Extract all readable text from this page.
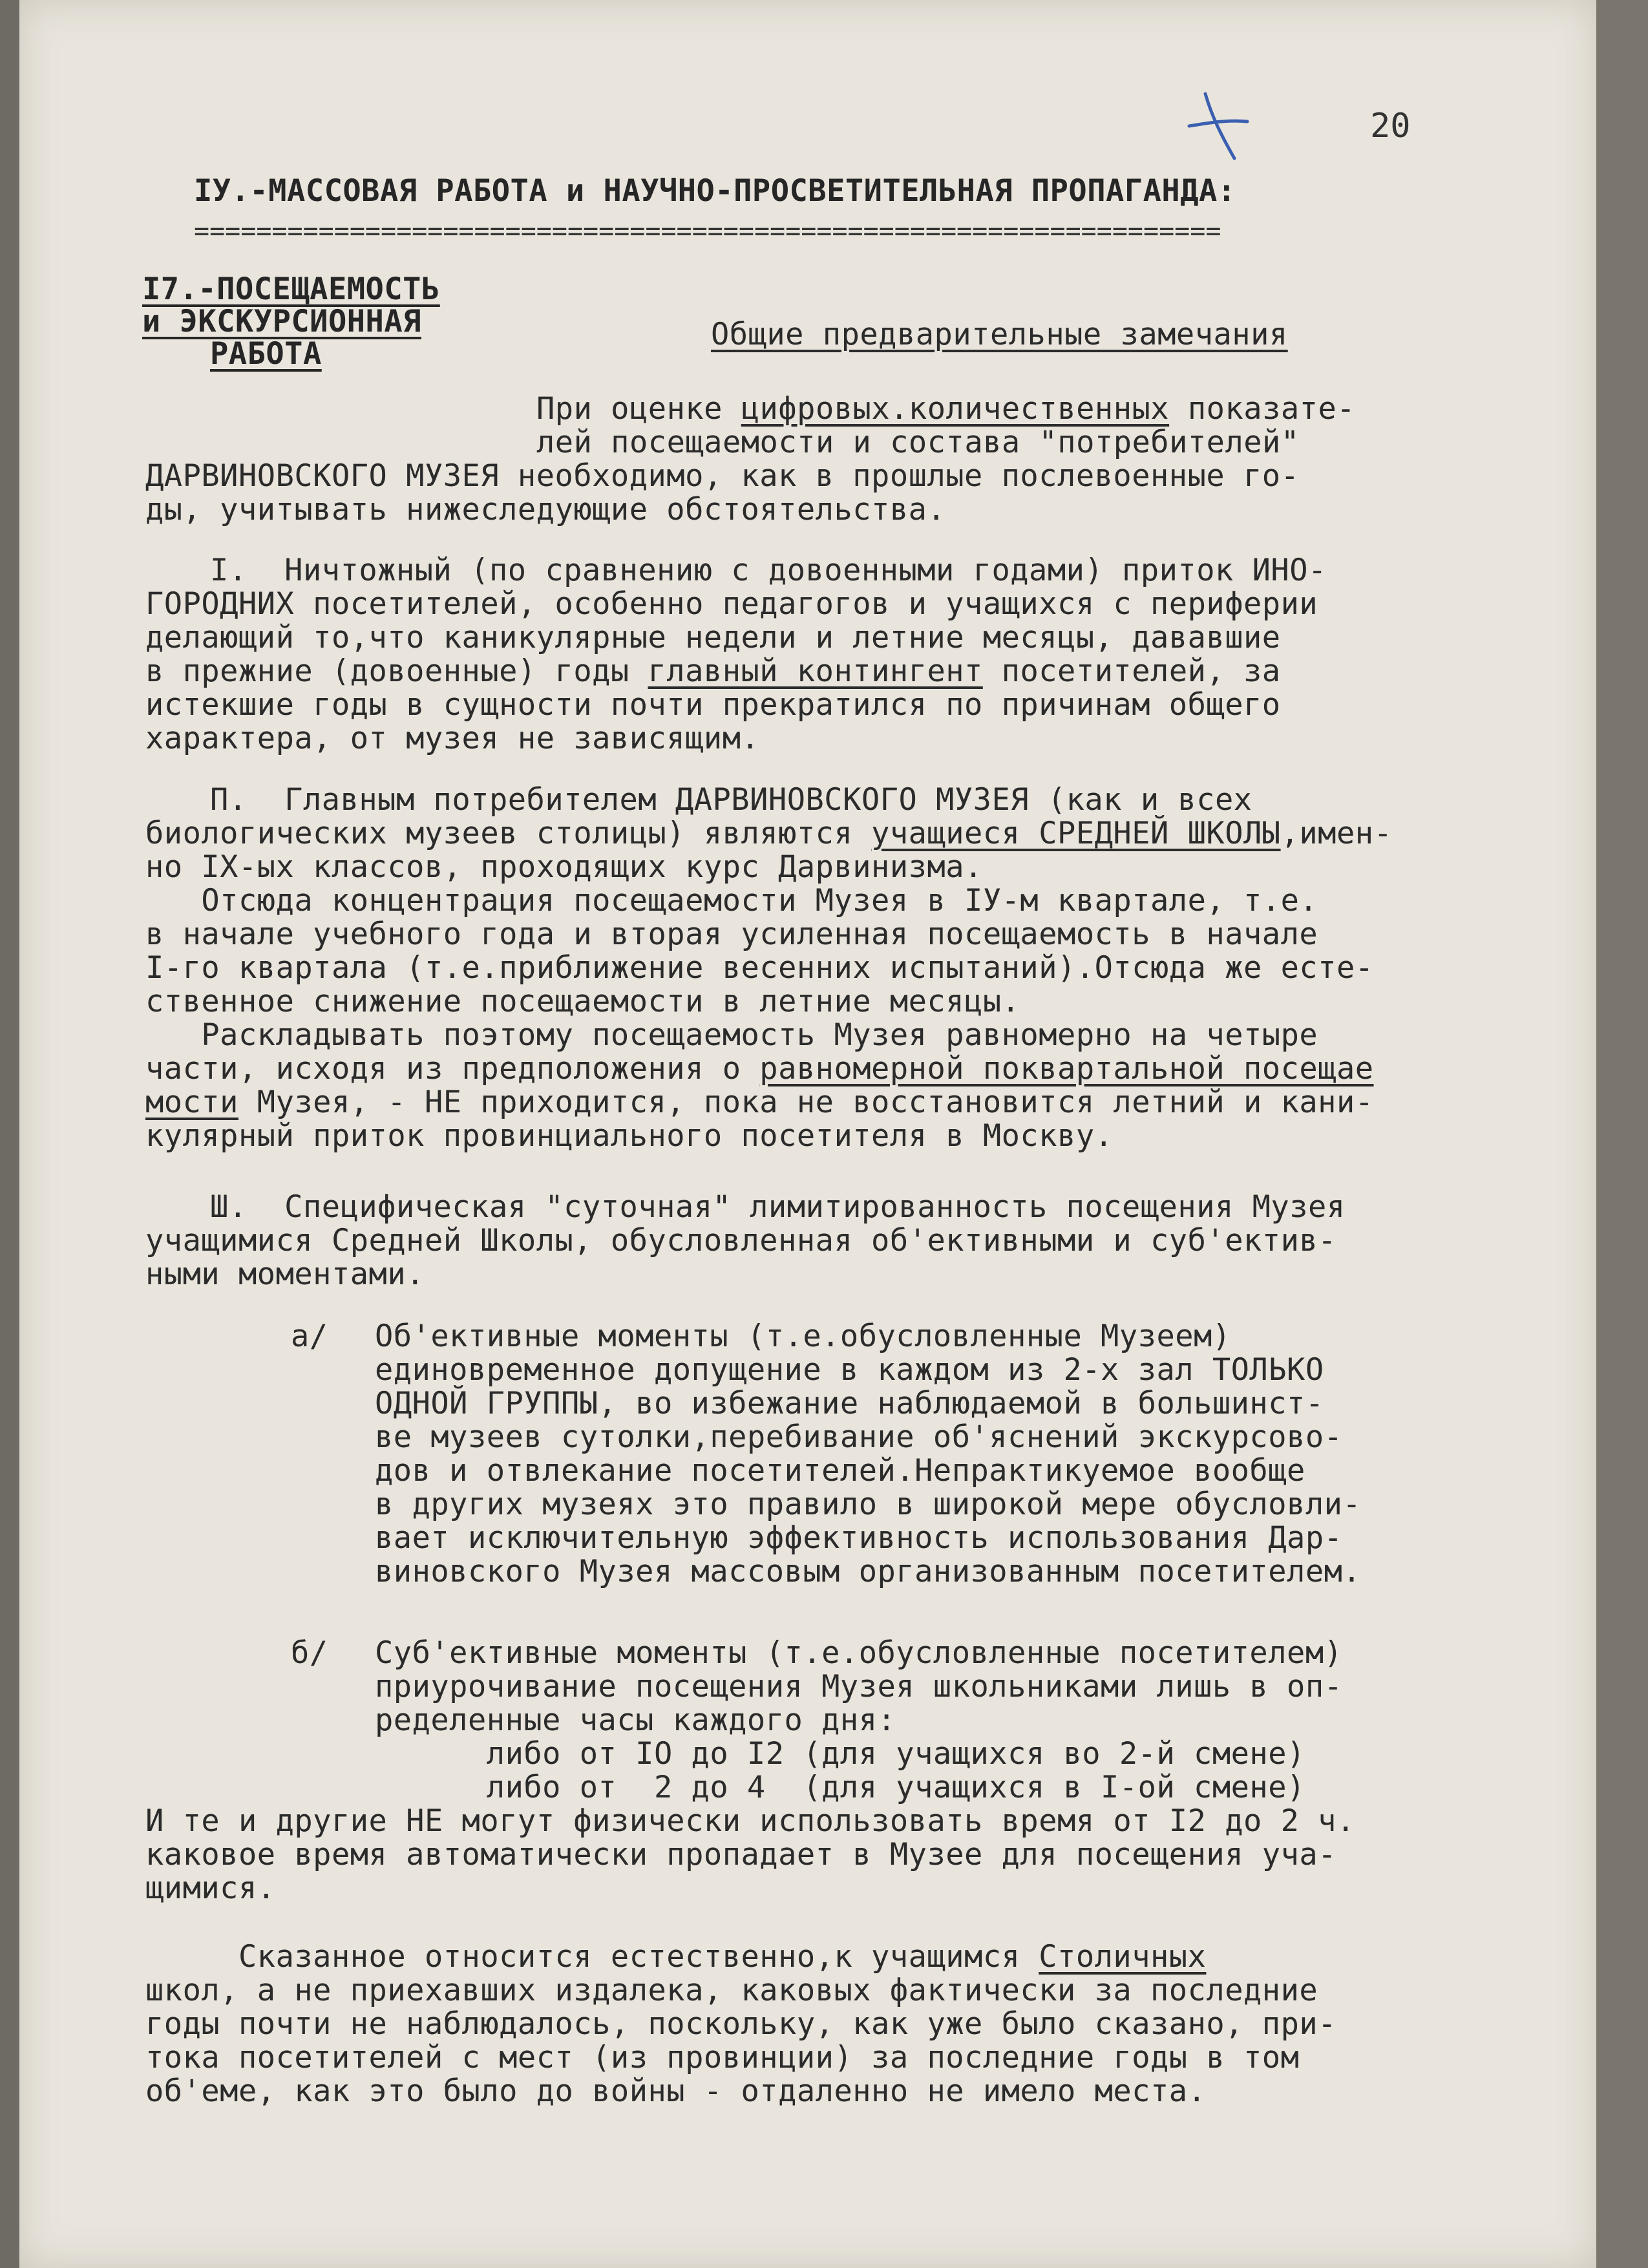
20
IУ.-МАССОВАЯ РАБОТА и НАУЧНО-ПРОСВЕТИТЕЛЬНАЯ ПРОПАГАНДА:
==================================================================
I7.-ПОСЕЩАЕМОСТЬ
и ЭКСКУРСИОННАЯ
РАБОТА
Общие предварительные замечания
При оценке цифровых.количественных показате-
лей посещаемости и состава "потребителей"
ДАРВИНОВСКОГО МУЗЕЯ необходимо, как в прошлые послевоенные го-
ды, учитывать нижеследующие обстоятельства.
I.  Ничтожный (по сравнению с довоенными годами) приток ИНО-
ГОРОДНИХ посетителей, особенно педагогов и учащихся с периферии
делающий то,что каникулярные недели и летние месяцы, дававшие
в прежние (довоенные) годы главный контингент посетителей, за
истекшие годы в сущности почти прекратился по причинам общего
характера, от музея не зависящим.
П.  Главным потребителем ДАРВИНОВСКОГО МУЗЕЯ (как и всех
биологических музеев столицы) являются учащиеся СРЕДНЕЙ ШКОЛЫ,имен-
но IX-ых классов, проходящих курс Дарвинизма.
Отсюда концентрация посещаемости Музея в IУ-м квартале, т.е.
в начале учебного года и вторая усиленная посещаемость в начале
I-го квартала (т.е.приближение весенних испытаний).Отсюда же есте-
ственное снижение посещаемости в летние месяцы.
Раскладывать поэтому посещаемость Музея равномерно на четыре
части, исходя из предположения о равномерной поквартальной посещае
мости Музея, - НЕ приходится, пока не восстановится летний и кани-
кулярный приток провинциального посетителя в Москву.
Ш.  Специфическая "суточная" лимитированность посещения Музея
учащимися Средней Школы, обусловленная об'ективными и суб'ектив-
ными моментами.
а/ Об'ективные моменты (т.е.обусловленные Музеем)
единовременное допущение в каждом из 2-х зал ТОЛЬКО
ОДНОЙ ГРУППЫ, во избежание наблюдаемой в большинст-
ве музеев сутолки,перебивание об'яснений экскурсово-
дов и отвлекание посетителей.Непрактикуемое вообще
в других музеях это правило в широкой мере обусловли-
вает исключительную эффективность использования Дар-
виновского Музея массовым организованным посетителем.
б/ Суб'ективные моменты (т.е.обусловленные посетителем)
приурочивание посещения Музея школьниками лишь в оп-
ределенные часы каждого дня:
либо от IO до I2 (для учащихся во 2-й смене)
либо от  2 до 4  (для учащихся в I-ой смене)
И те и другие НЕ могут физически использовать время от I2 до 2 ч.
каковое время автоматически пропадает в Музее для посещения уча-
щимися.
Сказанное относится естественно,к учащимся Столичных
школ, а не приехавших издалека, каковых фактически за последние
годы почти не наблюдалось, поскольку, как уже было сказано, при-
тока посетителей с мест (из провинции) за последние годы в том
об'еме, как это было до войны - отдаленно не имело места.
